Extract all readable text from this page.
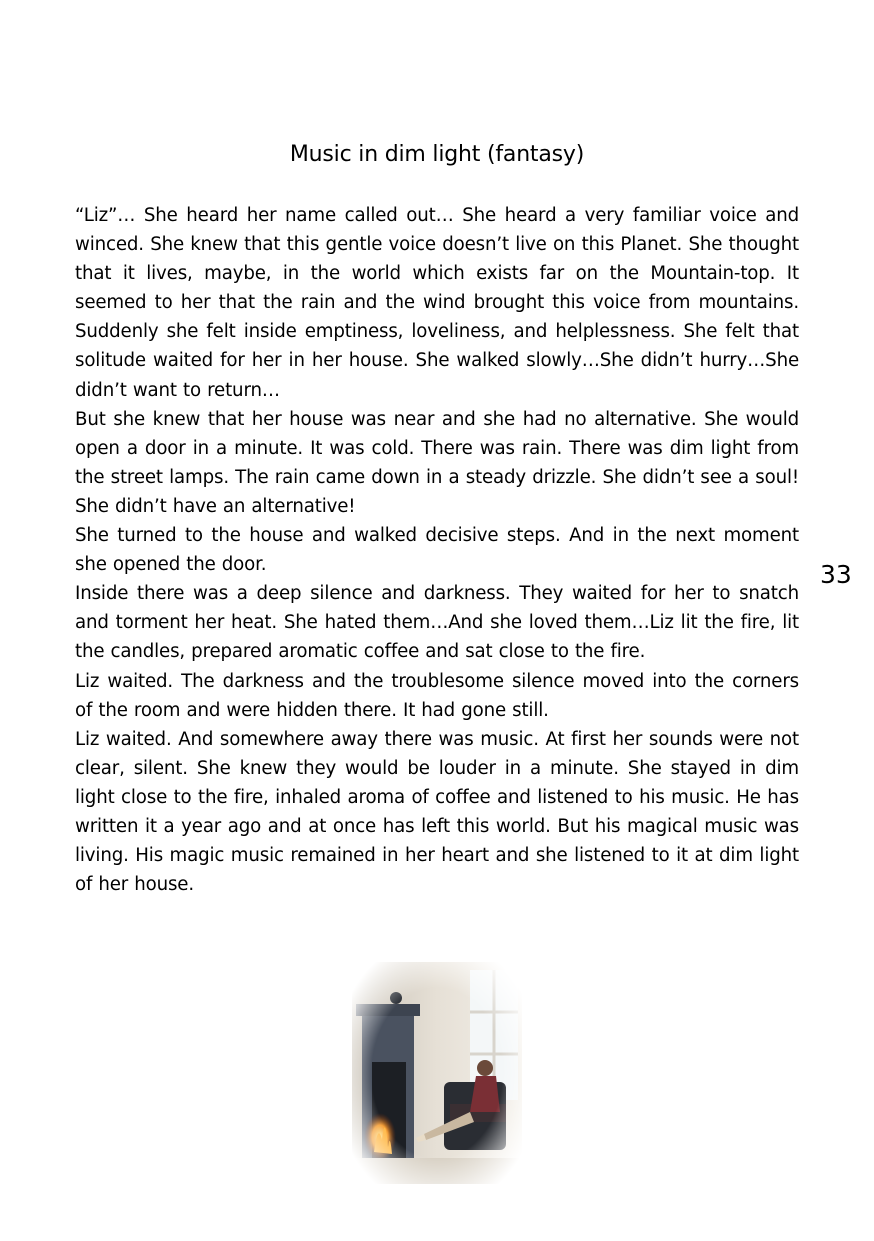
Music in dim light (fantasy)

“Liz”… She heard her name called out… She heard a very familiar voice and winced. She knew that this gentle voice doesn’t live on this Planet. She thought that it lives, maybe, in the world which exists far on the Mountain-top. It seemed to her that the rain and the wind brought this voice from mountains. Suddenly she felt inside emptiness, loveliness, and helplessness. She felt that solitude waited for her in her house. She walked slowly…She didn’t hurry…She didn’t want to return…

But she knew that her house was near and she had no alternative. She would open a door in a minute. It was cold. There was rain. There was dim light from the street lamps. The rain came down in a steady drizzle. She didn’t see a soul! She didn’t have an alternative!

She turned to the house and walked decisive steps. And in the next moment she opened the door.

Inside there was a deep silence and darkness. They waited for her to snatch and torment her heat. She hated them…And she loved them…Liz lit the fire, lit the candles, prepared aromatic coffee and sat close to the fire.

Liz waited. The darkness and the troublesome silence moved into the corners of the room and were hidden there. It had gone still.

Liz waited. And somewhere away there was music. At first her sounds were not clear, silent. She knew they would be louder in a minute. She stayed in dim light close to the fire, inhaled aroma of coffee and listened to his music. He has written it a year ago and at once has left this world. But his magical music was living. His magic music remained in her heart and she listened to it at dim light of her house.

33
